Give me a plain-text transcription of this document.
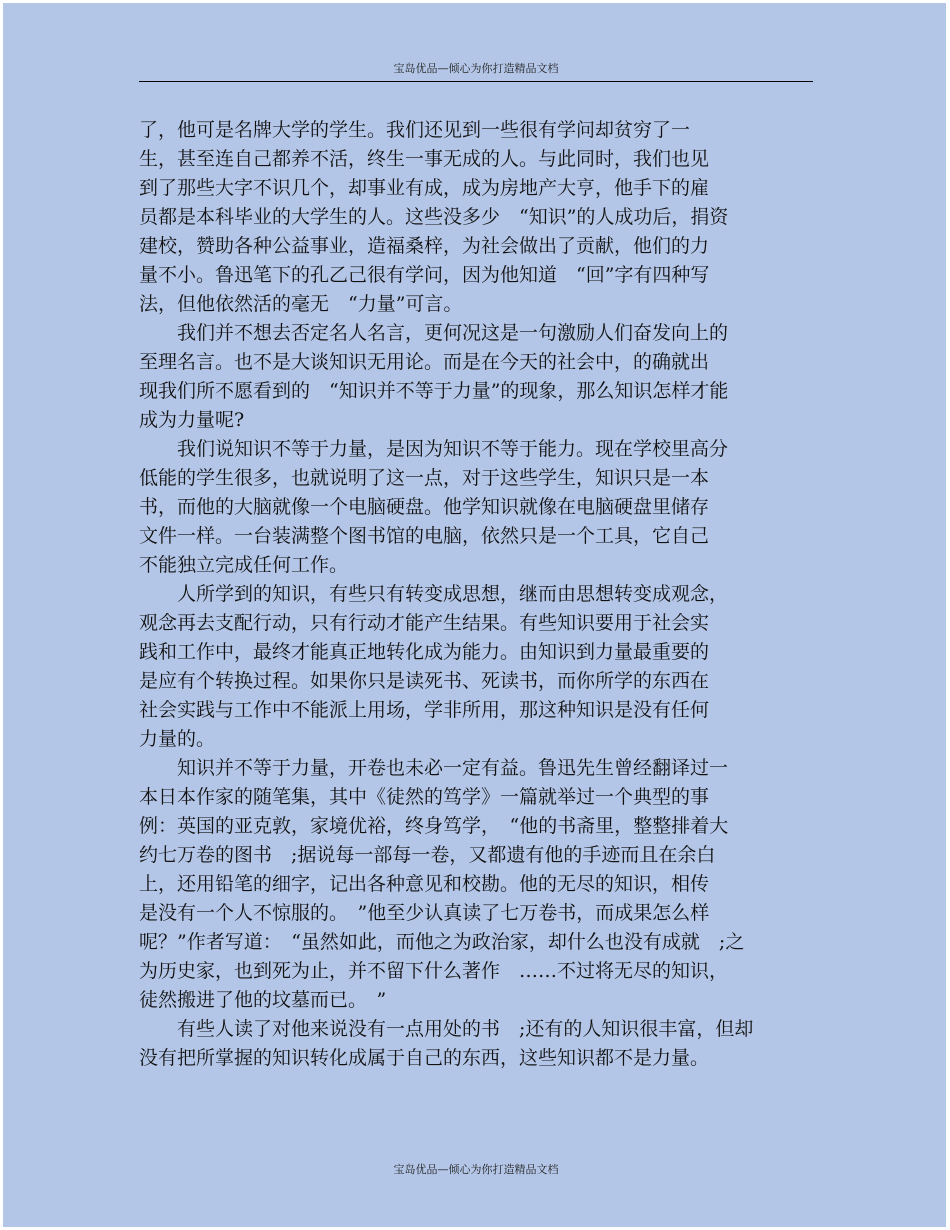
宝岛优品—倾心为你打造精品文档
了，他可是名牌大学的学生。我们还见到一些很有学问却贫穷了一
生，甚至连自己都养不活，终生一事无成的人。与此同时，我们也见
到了那些大字不识几个，却事业有成，成为房地产大亨，他手下的雇
员都是本科毕业的大学生的人。这些没多少　“知识”的人成功后，捐资
建校，赞助各种公益事业，造福桑梓，为社会做出了贡献，他们的力
量不小。鲁迅笔下的孔乙己很有学问，因为他知道　“回”字有四种写
法，但他依然活的毫无　“力量”可言。
我们并不想去否定名人名言，更何况这是一句激励人们奋发向上的
至理名言。也不是大谈知识无用论。而是在今天的社会中，的确就出
现我们所不愿看到的　“知识并不等于力量”的现象，那么知识怎样才能
成为力量呢?
我们说知识不等于力量，是因为知识不等于能力。现在学校里高分
低能的学生很多，也就说明了这一点，对于这些学生，知识只是一本
书，而他的大脑就像一个电脑硬盘。他学知识就像在电脑硬盘里储存
文件一样。一台装满整个图书馆的电脑，依然只是一个工具，它自己
不能独立完成任何工作。
人所学到的知识，有些只有转变成思想，继而由思想转变成观念，
观念再去支配行动，只有行动才能产生结果。有些知识要用于社会实
践和工作中，最终才能真正地转化成为能力。由知识到力量最重要的
是应有个转换过程。如果你只是读死书、死读书，而你所学的东西在
社会实践与工作中不能派上用场，学非所用，那这种知识是没有任何
力量的。
知识并不等于力量，开卷也未必一定有益。鲁迅先生曾经翻译过一
本日本作家的随笔集，其中《徒然的笃学》一篇就举过一个典型的事
例：英国的亚克敦，家境优裕，终身笃学，　“他的书斋里，整整排着大
约七万卷的图书　;据说每一部每一卷，又都遗有他的手迹而且在余白
上，还用铅笔的细字，记出各种意见和校勘。他的无尽的知识，相传
是没有一个人不惊服的。　”他至少认真读了七万卷书，而成果怎么样
呢？”作者写道：　“虽然如此，而他之为政治家，却什么也没有成就　;之
为历史家，也到死为止，并不留下什么著作　……不过将无尽的知识，
徒然搬进了他的坟墓而已。　”
有些人读了对他来说没有一点用处的书　;还有的人知识很丰富，但却
没有把所掌握的知识转化成属于自己的东西，这些知识都不是力量。
宝岛优品—倾心为你打造精品文档
